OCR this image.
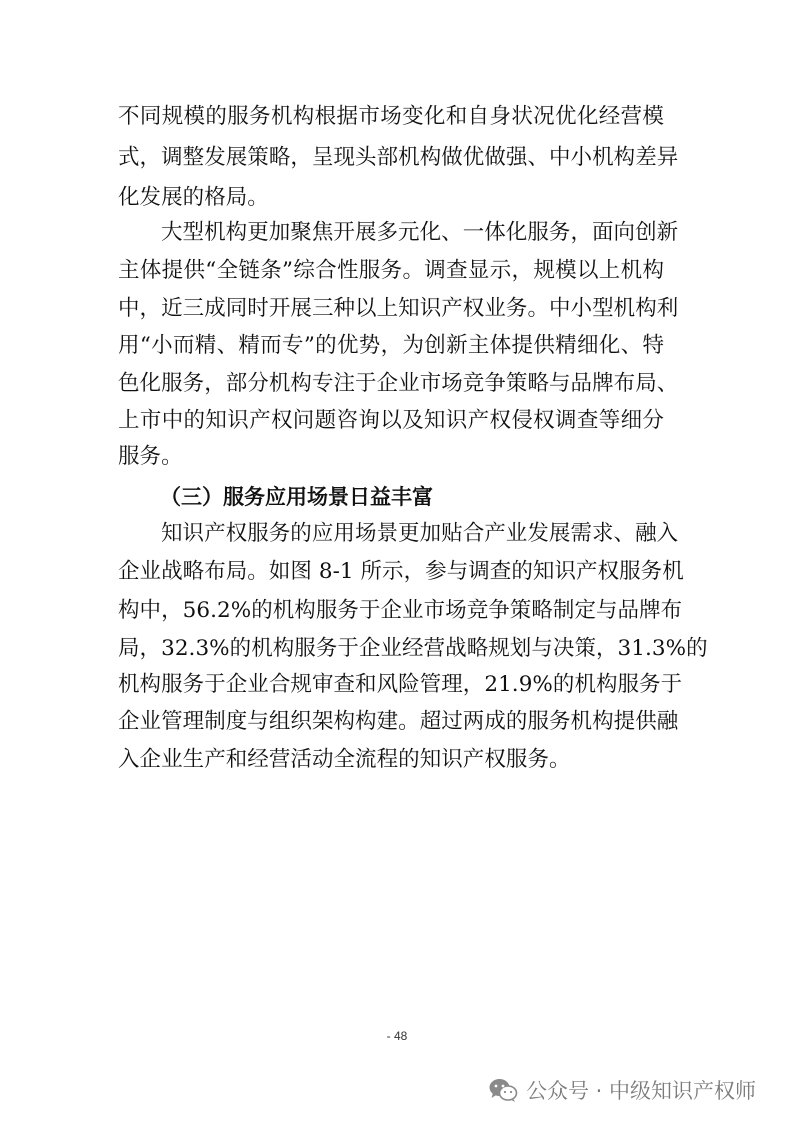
不同规模的服务机构根据市场变化和自身状况优化经营模
式，调整发展策略，呈现头部机构做优做强、中小机构差异
化发展的格局。
大型机构更加聚焦开展多元化、一体化服务，面向创新
主体提供“全链条”综合性服务。调查显示，规模以上机构
中，近三成同时开展三种以上知识产权业务。中小型机构利
用“小而精、精而专”的优势，为创新主体提供精细化、特
色化服务，部分机构专注于企业市场竞争策略与品牌布局、
上市中的知识产权问题咨询以及知识产权侵权调查等细分
服务。
（三）服务应用场景日益丰富
知识产权服务的应用场景更加贴合产业发展需求、融入
企业战略布局。如图 8-1 所示，参与调查的知识产权服务机
构中，56.2%的机构服务于企业市场竞争策略制定与品牌布
局，32.3%的机构服务于企业经营战略规划与决策，31.3%的
机构服务于企业合规审查和风险管理，21.9%的机构服务于
企业管理制度与组织架构构建。超过两成的服务机构提供融
入企业生产和经营活动全流程的知识产权服务。
- 48
公众号 · 中级知识产权师
